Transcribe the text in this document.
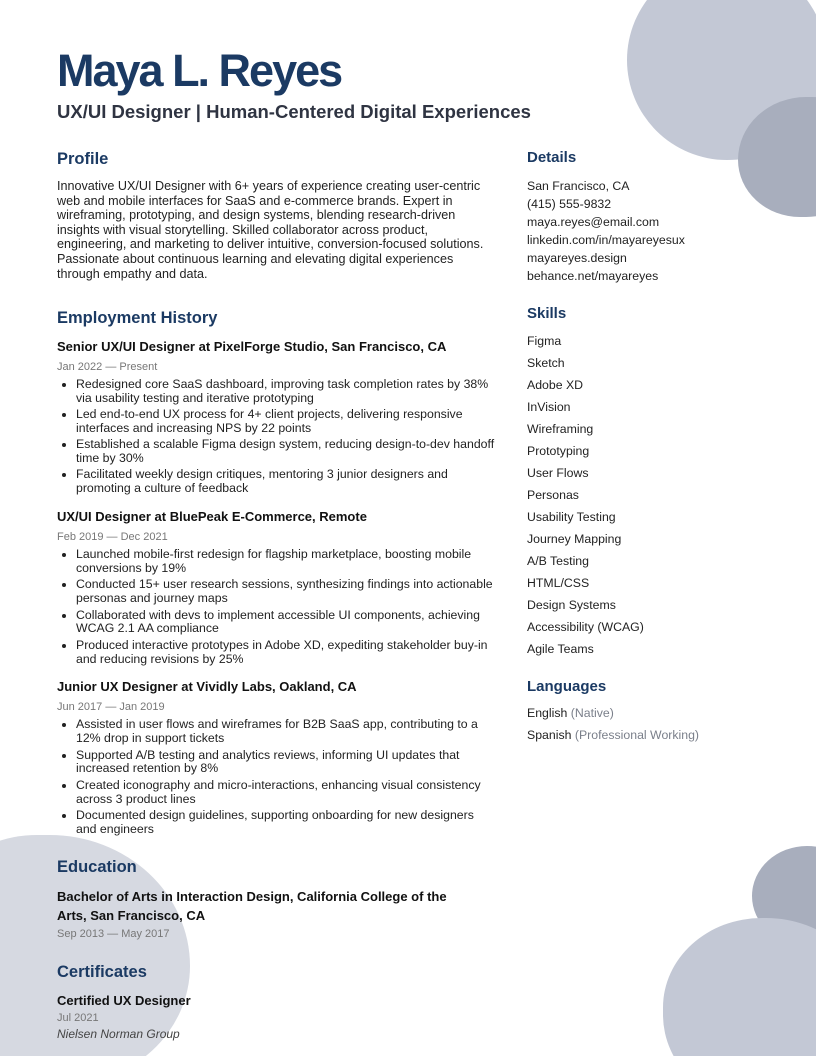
Maya L. Reyes
UX/UI Designer | Human-Centered Digital Experiences
Profile

Innovative UX/UI Designer with 6+ years of experience creating user-centric web and mobile interfaces for SaaS and e-commerce brands. Expert in wireframing, prototyping, and design systems, blending research-driven insights with visual storytelling. Skilled collaborator across product, engineering, and marketing to deliver intuitive, conversion-focused solutions. Passionate about continuous learning and elevating digital experiences through empathy and data.

Employment History
Senior UX/UI Designer at PixelForge Studio, San Francisco, CA
Jan 2022 — Present
• Redesigned core SaaS dashboard, improving task completion rates by 38% via usability testing and iterative prototyping
• Led end-to-end UX process for 4+ client projects, delivering responsive interfaces and increasing NPS by 22 points
• Established a scalable Figma design system, reducing design-to-dev handoff time by 30%
• Facilitated weekly design critiques, mentoring 3 junior designers and promoting a culture of feedback
UX/UI Designer at BluePeak E-Commerce, Remote
Feb 2019 — Dec 2021
• Launched mobile-first redesign for flagship marketplace, boosting mobile conversions by 19%
• Conducted 15+ user research sessions, synthesizing findings into actionable personas and journey maps
• Collaborated with devs to implement accessible UI components, achieving WCAG 2.1 AA compliance
• Produced interactive prototypes in Adobe XD, expediting stakeholder buy-in and reducing revisions by 25%
Junior UX Designer at Vividly Labs, Oakland, CA
Jun 2017 — Jan 2019
• Assisted in user flows and wireframes for B2B SaaS app, contributing to a 12% drop in support tickets
• Supported A/B testing and analytics reviews, informing UI updates that increased retention by 8%
• Created iconography and micro-interactions, enhancing visual consistency across 3 product lines
• Documented design guidelines, supporting onboarding for new designers and engineers
Education
Bachelor of Arts in Interaction Design, California College of the Arts, San Francisco, CA
Sep 2013 — May 2017
Certificates
Certified UX Designer
Jul 2021
Nielsen Norman Group
Details
San Francisco, CA
(415) 555-9832
maya.reyes@email.com
linkedin.com/in/mayareyesux
mayareyes.design
behance.net/mayareyes
Skills
Figma
Sketch
Adobe XD
InVision
Wireframing
Prototyping
User Flows
Personas
Usability Testing
Journey Mapping
A/B Testing
HTML/CSS
Design Systems
Accessibility (WCAG)
Agile Teams
Languages
English (Native)
Spanish (Professional Working)
